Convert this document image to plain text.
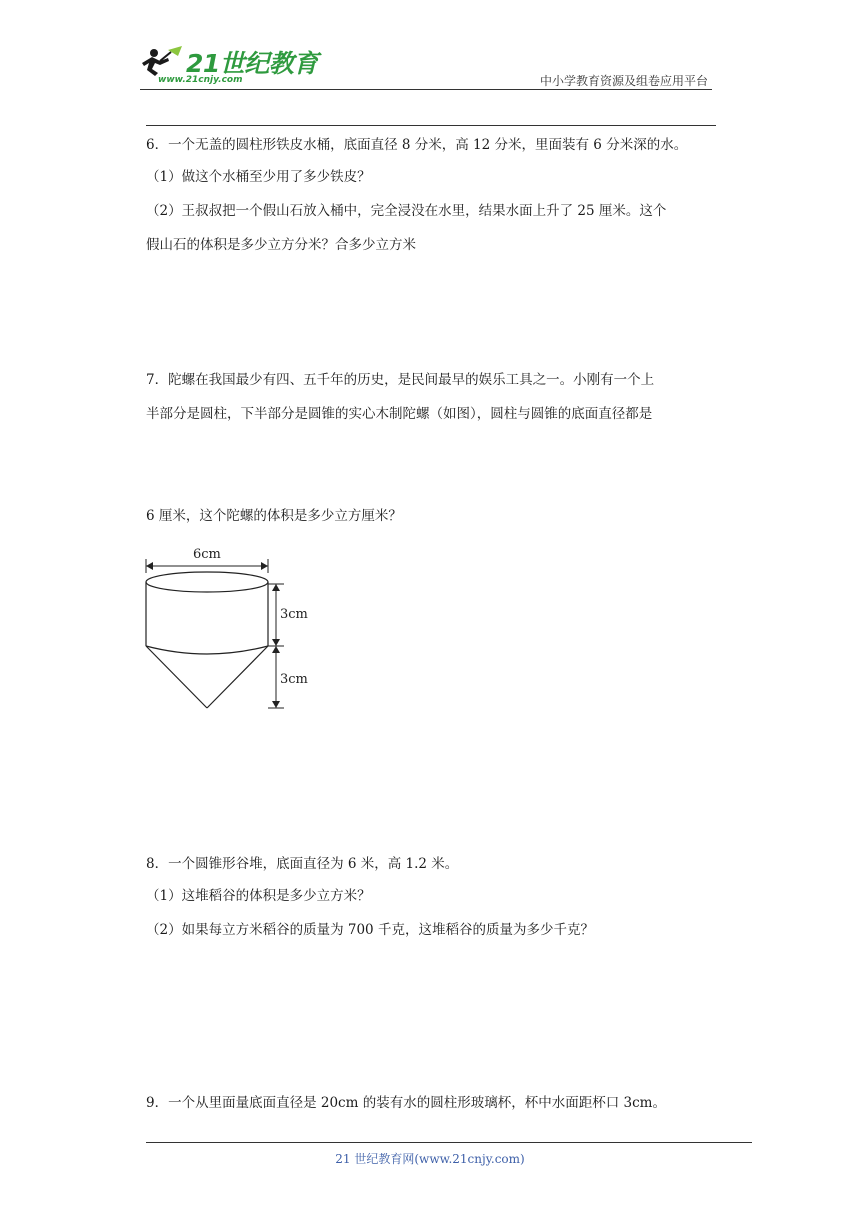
21世纪教育
www.21cnjy.com	中小学教育资源及组卷应用平台
6．一个无盖的圆柱形铁皮水桶，底面直径 8 分米，高 12 分米，里面装有 6 分米深的水。
（1）做这个水桶至少用了多少铁皮？
（2）王叔叔把一个假山石放入桶中，完全浸没在水里，结果水面上升了 25 厘米。这个
假山石的体积是多少立方分米？合多少立方米
7．陀螺在我国最少有四、五千年的历史，是民间最早的娱乐工具之一。小刚有一个上
半部分是圆柱，下半部分是圆锥的实心木制陀螺（如图），圆柱与圆锥的底面直径都是
6 厘米，这个陀螺的体积是多少立方厘米？
6cm
3cm
3cm
8．一个圆锥形谷堆，底面直径为 6 米，高 1.2 米。
（1）这堆稻谷的体积是多少立方米？
（2）如果每立方米稻谷的质量为 700 千克，这堆稻谷的质量为多少千克？
9．一个从里面量底面直径是 20cm 的装有水的圆柱形玻璃杯，杯中水面距杯口 3cm。
21 世纪教育网(www.21cnjy.com)
